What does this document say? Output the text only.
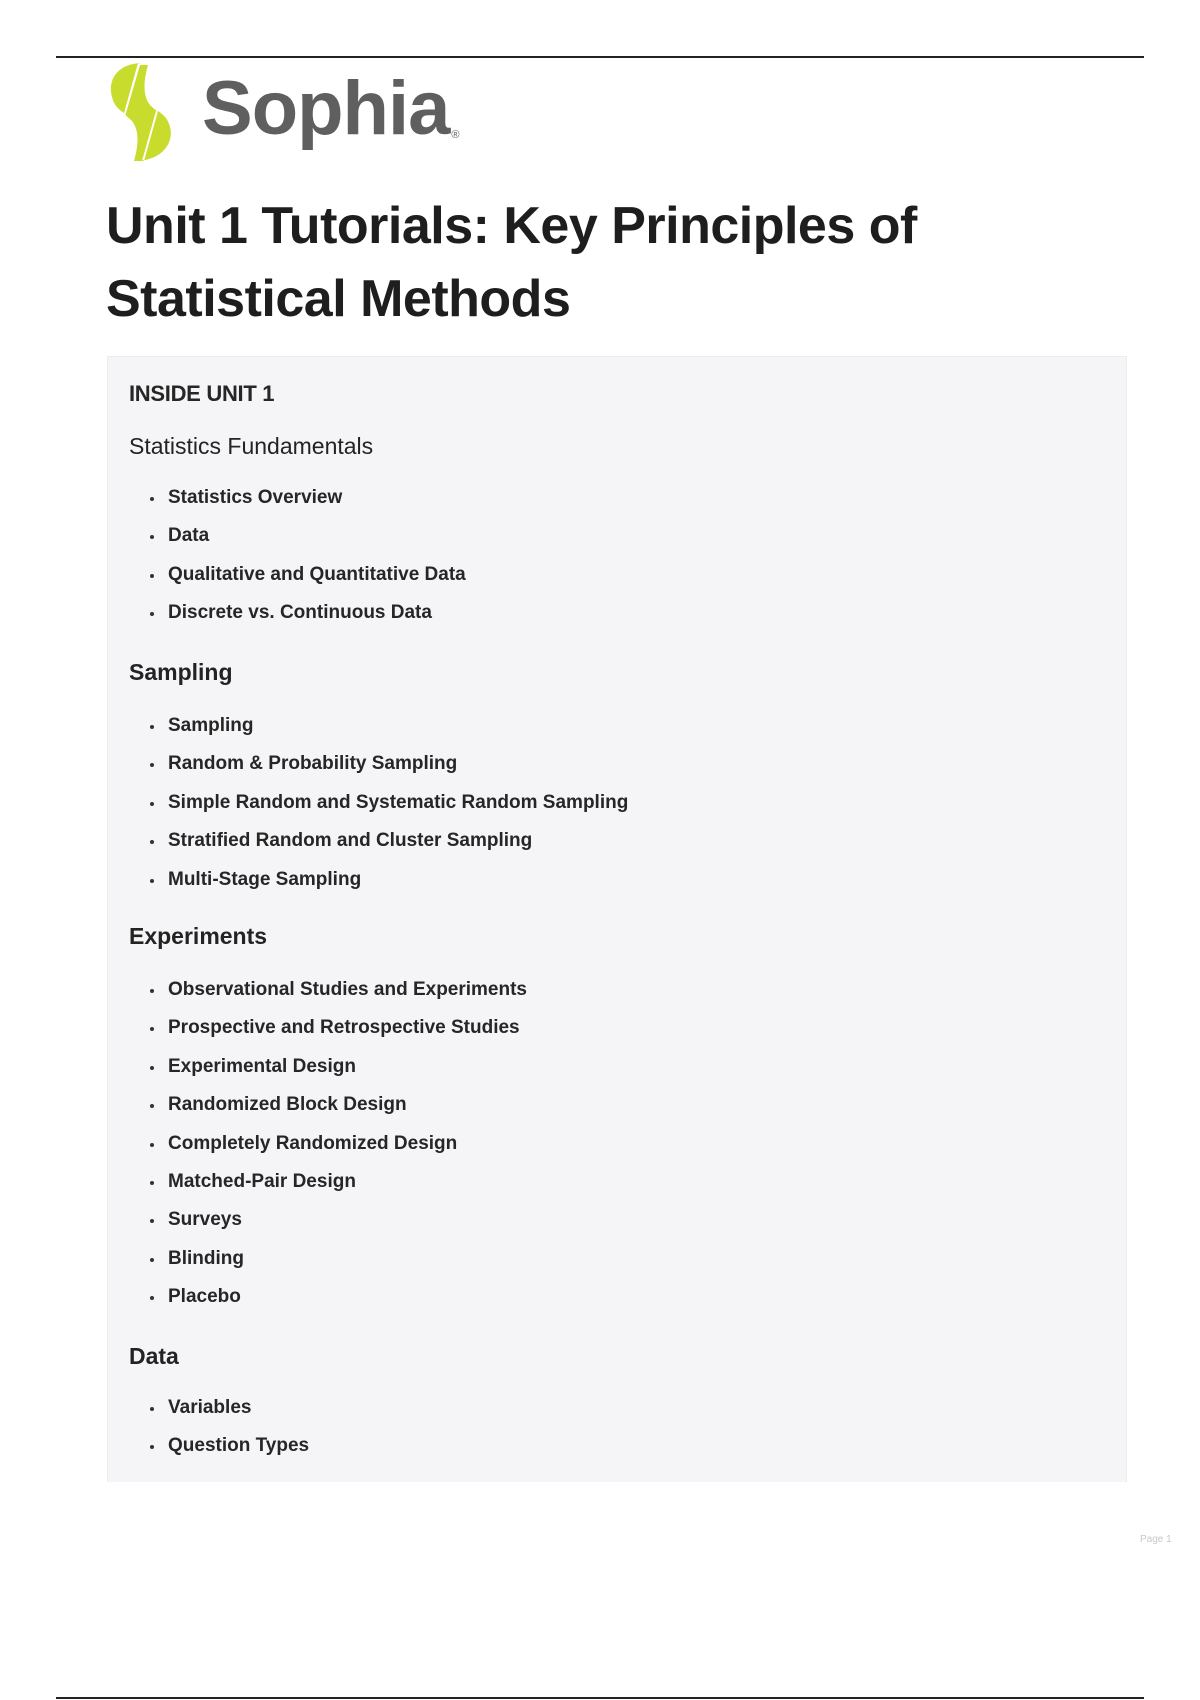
Sophia ®
Unit 1 Tutorials: Key Principles of Statistical Methods
INSIDE UNIT 1
Statistics Fundamentals
Statistics Overview
Data
Qualitative and Quantitative Data
Discrete vs. Continuous Data
Sampling
Sampling
Random & Probability Sampling
Simple Random and Systematic Random Sampling
Stratified Random and Cluster Sampling
Multi-Stage Sampling
Experiments
Observational Studies and Experiments
Prospective and Retrospective Studies
Experimental Design
Randomized Block Design
Completely Randomized Design
Matched-Pair Design
Surveys
Blinding
Placebo
Data
Variables
Question Types
Page 1
